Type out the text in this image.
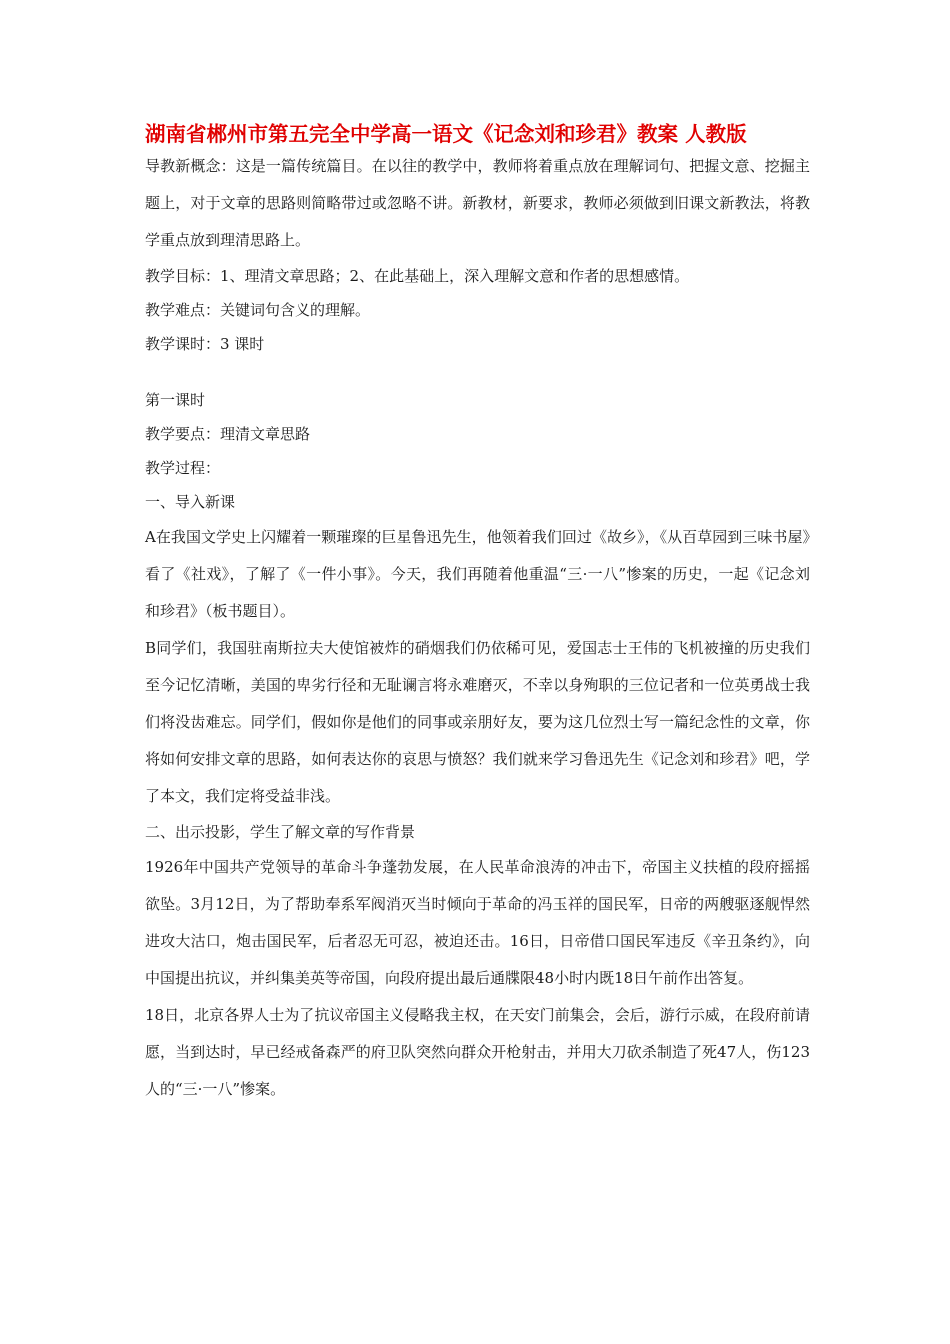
湖南省郴州市第五完全中学高一语文《记念刘和珍君》教案 人教版

导教新概念：这是一篇传统篇目。在以往的教学中，教师将着重点放在理解词句、把握文意、挖掘主题上，对于文章的思路则简略带过或忽略不讲。新教材，新要求，教师必须做到旧课文新教法，将教学重点放到理清思路上。

教学目标：1、理清文章思路；2、在此基础上，深入理解文意和作者的思想感情。

教学难点：关键词句含义的理解。

教学课时：3 课时

第一课时

教学要点：理清文章思路

教学过程：

一、导入新课

A在我国文学史上闪耀着一颗璀璨的巨星鲁迅先生，他领着我们回过《故乡》，《从百草园到三味书屋》看了《社戏》，了解了《一件小事》。今天，我们再随着他重温“三·一八”惨案的历史，一起《记念刘和珍君》（板书题目）。

B同学们，我国驻南斯拉夫大使馆被炸的硝烟我们仍依稀可见，爱国志士王伟的飞机被撞的历史我们至今记忆清晰，美国的卑劣行径和无耻谰言将永难磨灭，不幸以身殉职的三位记者和一位英勇战士我们将没齿难忘。同学们，假如你是他们的同事或亲朋好友，要为这几位烈士写一篇纪念性的文章，你将如何安排文章的思路，如何表达你的哀思与愤怒？我们就来学习鲁迅先生《记念刘和珍君》吧，学了本文，我们定将受益非浅。

二、出示投影，学生了解文章的写作背景

1926年中国共产党领导的革命斗争蓬勃发展，在人民革命浪涛的冲击下，帝国主义扶植的段府摇摇欲坠。3月12日，为了帮助奉系军阀消灭当时倾向于革命的冯玉祥的国民军，日帝的两艘驱逐舰悍然进攻大沽口，炮击国民军，后者忍无可忍，被迫还击。16日，日帝借口国民军违反《辛丑条约》，向中国提出抗议，并纠集美英等帝国，向段府提出最后通牒限48小时内既18日午前作出答复。

18日，北京各界人士为了抗议帝国主义侵略我主权，在天安门前集会，会后，游行示威，在段府前请愿，当到达时，早已经戒备森严的府卫队突然向群众开枪射击，并用大刀砍杀制造了死47人，伤123人的“三·一八”惨案。
